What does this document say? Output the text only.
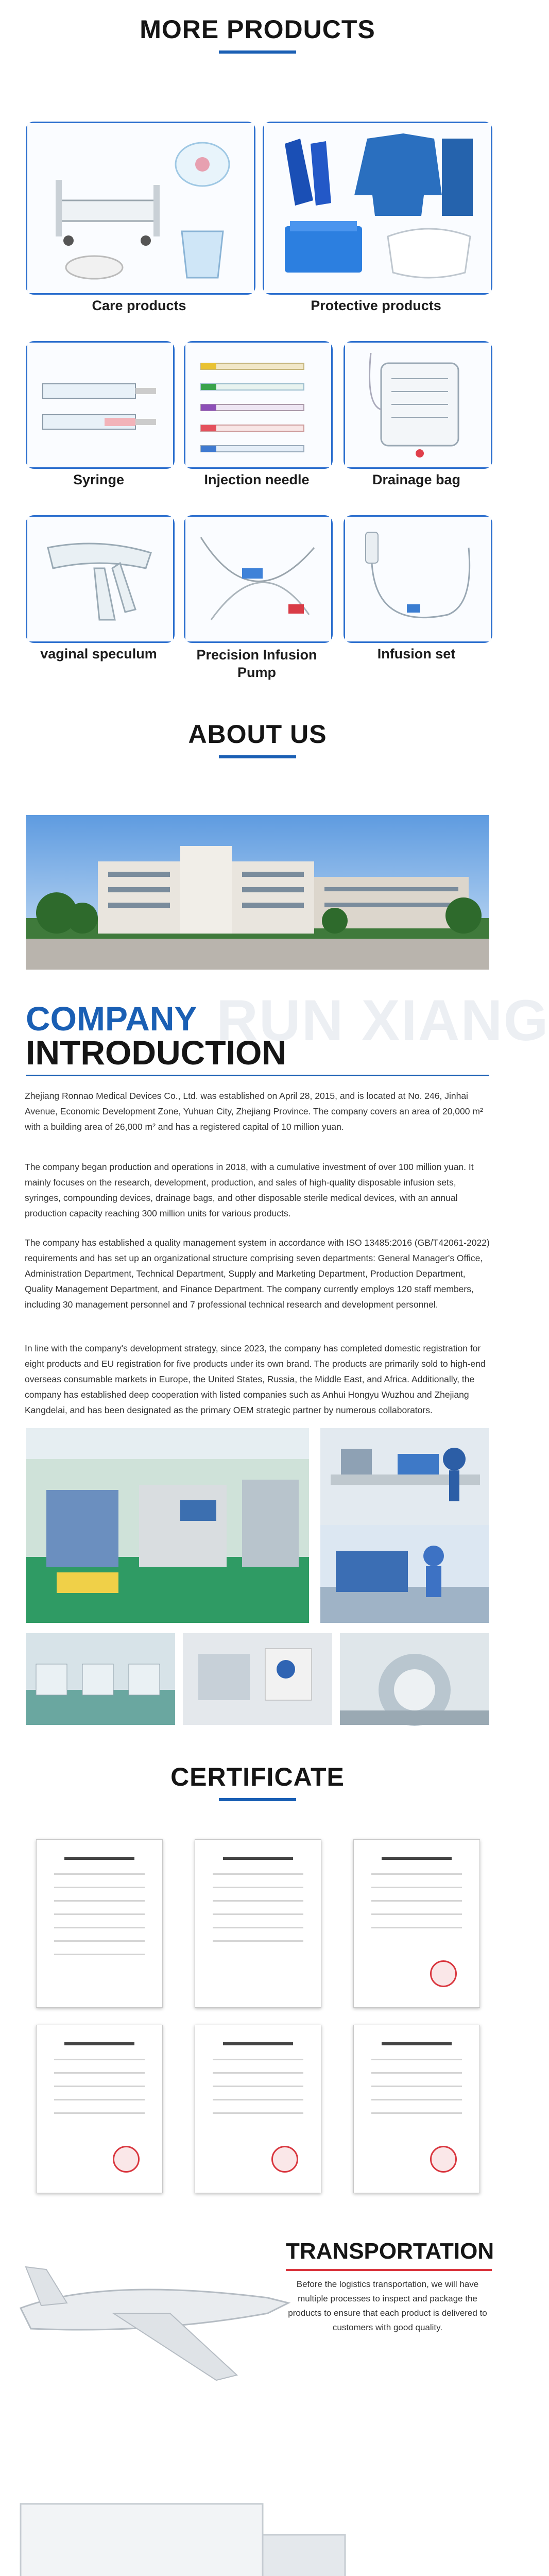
MORE PRODUCTS
Care products	Protective products
Syringe	Injection needle	Drainage bag
vaginal speculum	Precision Infusion Pump
Infusion set
ABOUT US
RUN XIANG
COMPANY
INTRODUCTION
Zhejiang Ronnao Medical Devices Co., Ltd. was established on April 28, 2015, and is located at No. 246, Jinhai Avenue, Economic Development Zone, Yuhuan City, Zhejiang Province. The company covers an area of 20,000 m² with a building area of 26,000 m² and has a registered capital of 10 million yuan.
The company began production and operations in 2018, with a cumulative investment of over 100 million yuan. It mainly focuses on the research, development, production, and sales of high-quality disposable infusion sets, syringes, compounding devices, drainage bags, and other disposable sterile medical devices, with an annual production capacity reaching 300 million units for various products.
The company has established a quality management system in accordance with ISO 13485:2016 (GB/T42061-2022) requirements and has set up an organizational structure comprising seven departments: General Manager's Office, Administration Department, Technical Department, Supply and Marketing Department, Production Department, Quality Management Department, and Finance Department. The company currently employs 120 staff members, including 30 management personnel and 7 professional technical research and development personnel.
In line with the company's development strategy, since 2023, the company has completed domestic registration for eight products and EU registration for five products under its own brand. The products are primarily sold to high-end overseas consumable markets in Europe, the United States, Russia, the Middle East, and Africa. Additionally, the company has established deep cooperation with listed companies such as Anhui Hongyu Wuzhou and Zhejiang Kangdelai, and has been designated as the primary OEM strategic partner by numerous collaborators.
CERTIFICATE
TRANSPORTATION
Before the logistics transportation, we will have multiple processes to inspect and package the products to ensure that each product is delivered to customers with good quality.
